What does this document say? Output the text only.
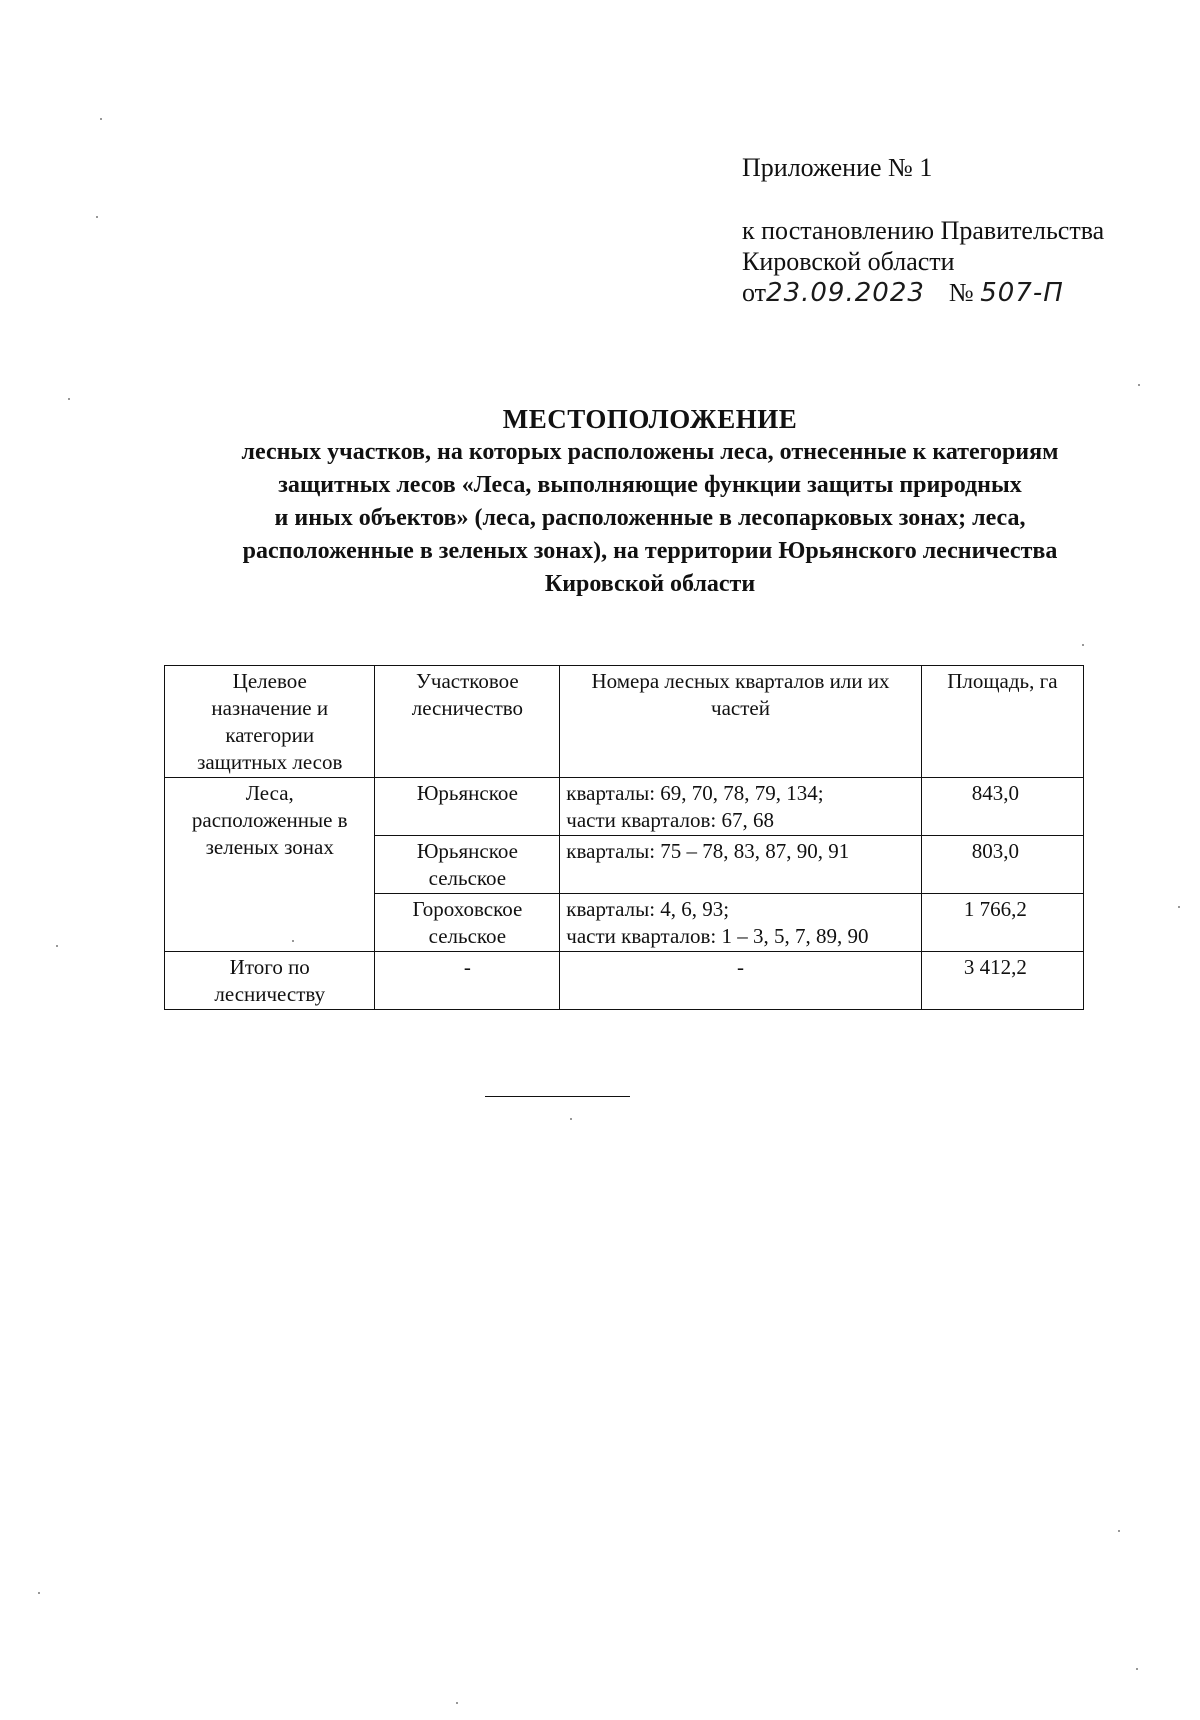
Приложение № 1
к постановлению Правительства
Кировской области
от23.09.2023 № 507-П
МЕСТОПОЛОЖЕНИЕ
лесных участков, на которых расположены леса, отнесенные к категориям
защитных лесов «Леса, выполняющие функции защиты природных
и иных объектов» (леса, расположенные в лесопарковых зонах; леса,
расположенные в зеленых зонах), на территории Юрьянского лесничества
Кировской области
Целевое
назначение и
категории
защитных лесов	Участковое
лесничество	Номера лесных кварталов или их
частей	Площадь, га

Леса,
расположенные в
зеленых зонах	Юрьянское	кварталы: 69, 70, 78, 79, 134;
части кварталов: 67, 68	843,0

	Юрьянское
сельское	кварталы: 75 – 78, 83, 87, 90, 91	803,0

	Гороховское
сельское	кварталы: 4, 6, 93;
части кварталов: 1 – 3, 5, 7, 89, 90	1 766,2

Итого по
лесничеству	-	-	3 412,2
